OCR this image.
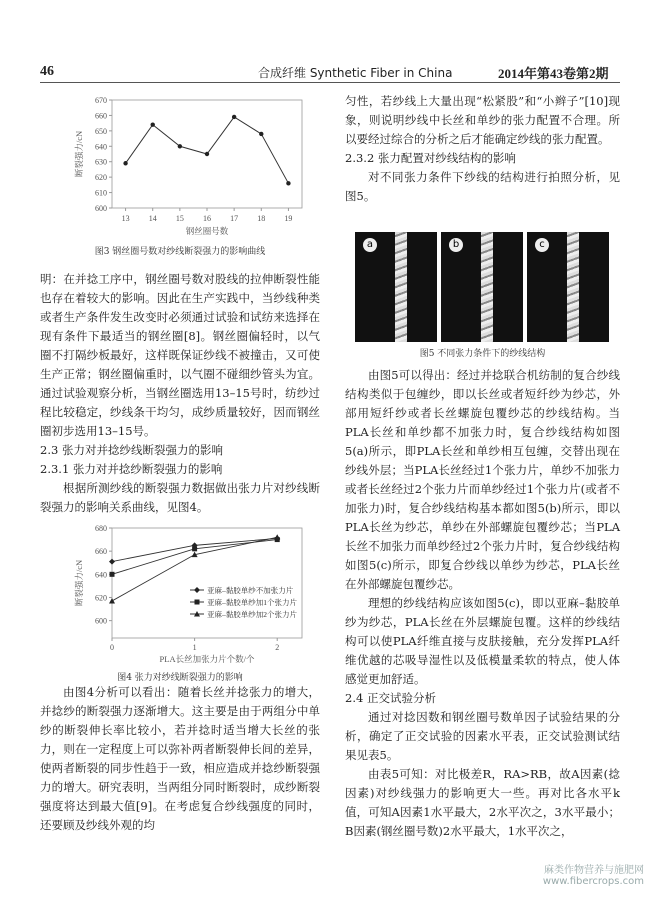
46	合成纤维 Synthetic Fiber in China	2014年第43卷第2期
600
610
620
630
640
650
660
670
13 14 15 16 17 18 19
钢丝圈号数
断裂强力/cN

图3 钢丝圈号数对纱线断裂强力的影响曲线

明：在并捻工序中，钢丝圈号数对股线的拉伸断裂性能也存在着较大的影响。因此在生产实践中，当纱线种类或者生产条件发生改变时必须通过试验和试纺来选择在现有条件下最适当的钢丝圈[8]。钢丝圈偏轻时，以气圈不打隔纱板最好，这样既保证纱线不被撞击，又可使生产正常；钢丝圈偏重时，以气圈不碰细纱管头为宜。通过试验观察分析，当钢丝圈选用13–15号时，纺纱过程比较稳定，纱线条干均匀，成纱质量较好，因而钢丝圈初步选用13–15号。

2.3 张力对并捻纱线断裂强力的影响

2.3.1 张力对并捻纱断裂强力的影响

根据所测纱线的断裂强力数据做出张力片对纱线断裂强力的影响关系曲线，见图4。

600
620
640
660
680
0	1	2
PLA长丝加张力片个数/个
断裂强力/cN	亚麻–黏胶单纱不加张力片
亚麻–黏胶单纱加1个张力片
亚麻–黏胶单纱加2个张力片

图4 张力对纱线断裂强力的影响

由图4分析可以看出：随着长丝并捻张力的增大，并捻纱的断裂强力逐渐增大。这主要是由于两组分中单纱的断裂伸长率比较小，若并捻时适当增大长丝的张力，则在一定程度上可以弥补两者断裂伸长间的差异，使两者断裂的同步性趋于一致，相应造成并捻纱断裂强力的增大。研究表明，当两组分同时断裂时，成纱断裂强度将达到最大值[9]。在考虑复合纱线强度的同时，还要顾及纱线外观的均

匀性，若纱线上大量出现“松紧股”和“小辫子”[10]现象，则说明纱线中长丝和单纱的张力配置不合理。所以要经过综合的分析之后才能确定纱线的张力配置。

2.3.2 张力配置对纱线结构的影响

对不同张力条件下纱线的结构进行拍照分析，见图5。

a	b	c

图5 不同张力条件下的纱线结构

由图5可以得出：经过并捻联合机纺制的复合纱线结构类似于包缠纱，即以长丝或者短纤纱为纱芯，外部用短纤纱或者长丝螺旋包覆纱芯的纱线结构。当PLA长丝和单纱都不加张力时，复合纱线结构如图5(a)所示，即PLA长丝和单纱相互包缠，交替出现在纱线外层；当PLA长丝经过1个张力片，单纱不加张力或者长丝经过2个张力片而单纱经过1个张力片(或者不加张力)时，复合纱线结构基本都如图5(b)所示，即以PLA长丝为纱芯，单纱在外部螺旋包覆纱芯；当PLA长丝不加张力而单纱经过2个张力片时，复合纱线结构如图5(c)所示，即复合纱线以单纱为纱芯，PLA长丝在外部螺旋包覆纱芯。

理想的纱线结构应该如图5(c)，即以亚麻–黏胶单纱为纱芯，PLA长丝在外层螺旋包覆。这样的纱线结构可以使PLA纤维直接与皮肤接触，充分发挥PLA纤维优越的芯吸导湿性以及低模量柔软的特点，使人体感觉更加舒适。

2.4 正交试验分析

通过对捻因数和钢丝圈号数单因子试验结果的分析，确定了正交试验的因素水平表，正交试验测试结果见表5。

由表5可知：对比极差R，RA>RB，故A因素(捻因素)对纱线强力的影响更大一些。再对比各水平k值，可知A因素1水平最大，2水平次之，3水平最小；B因素(钢丝圈号数)2水平最大，1水平次之，

麻类作物营养与施肥网
www.fibercrops.com
